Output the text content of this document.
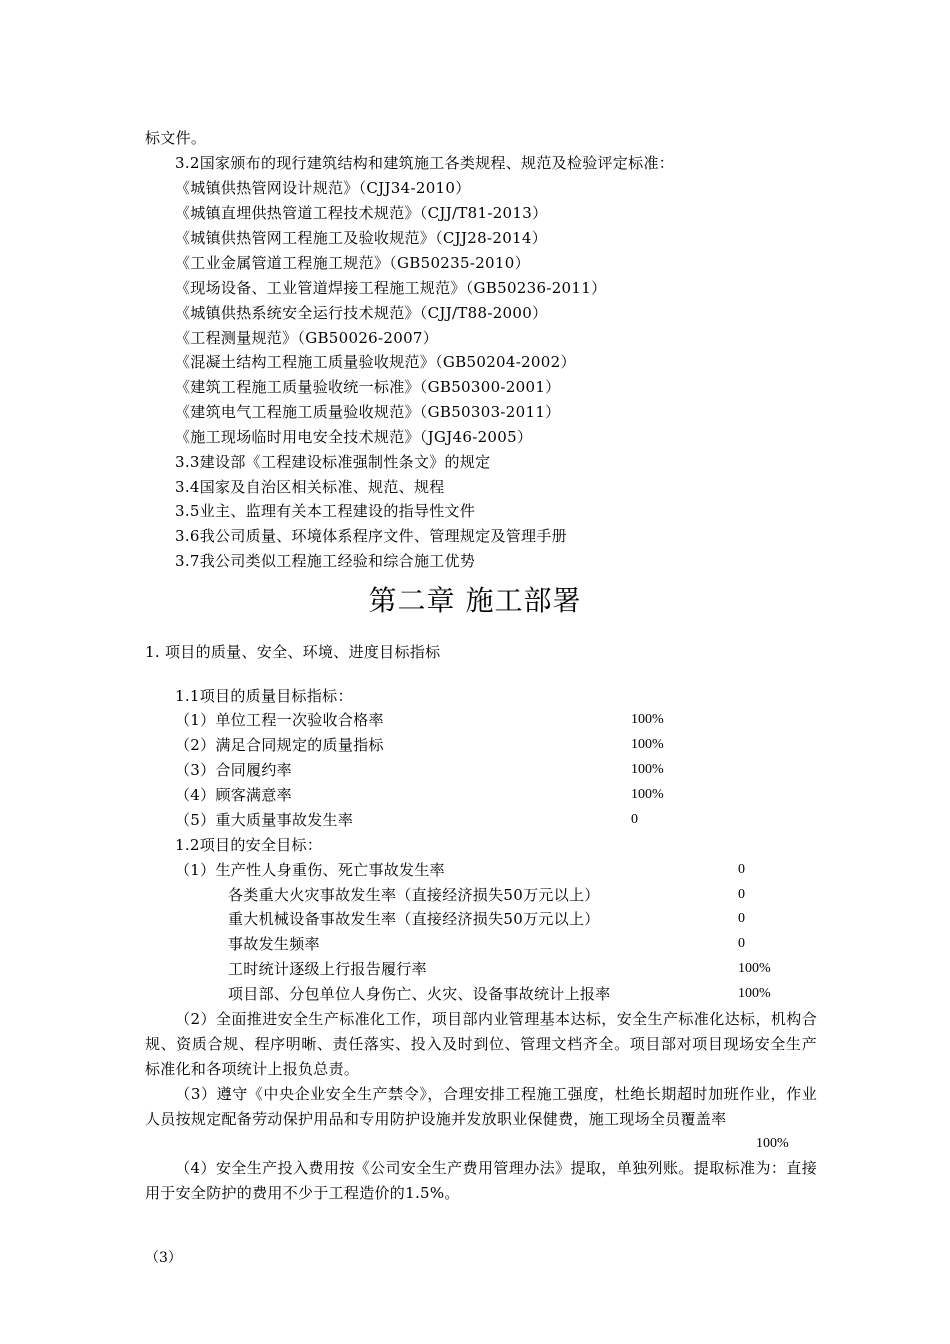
标文件。
3.2国家颁布的现行建筑结构和建筑施工各类规程、规范及检验评定标准：
《城镇供热管网设计规范》（CJJ34-2010）
《城镇直埋供热管道工程技术规范》（CJJ/T81-2013）
《城镇供热管网工程施工及验收规范》（CJJ28-2014）
《工业金属管道工程施工规范》（GB50235-2010）
《现场设备、工业管道焊接工程施工规范》（GB50236-2011）
《城镇供热系统安全运行技术规范》（CJJ/T88-2000）
《工程测量规范》（GB50026-2007）
《混凝土结构工程施工质量验收规范》（GB50204-2002）
《建筑工程施工质量验收统一标准》（GB50300-2001）
《建筑电气工程施工质量验收规范》（GB50303-2011）
《施工现场临时用电安全技术规范》（JGJ46-2005）
3.3建设部《工程建设标准强制性条文》的规定
3.4国家及自治区相关标准、规范、规程
3.5业主、监理有关本工程建设的指导性文件
3.6我公司质量、环境体系程序文件、管理规定及管理手册
3.7我公司类似工程施工经验和综合施工优势
第二章 施工部署
1. 项目的质量、安全、环境、进度目标指标
1.1项目的质量目标指标：
（1）单位工程一次验收合格率	100%
（2）满足合同规定的质量指标	100%
（3）合同履约率	100%
（4）顾客满意率	100%
（5）重大质量事故发生率	0
1.2项目的安全目标：
（1）生产性人身重伤、死亡事故发生率	0
各类重大火灾事故发生率（直接经济损失50万元以上）	0
重大机械设备事故发生率（直接经济损失50万元以上）	0
事故发生频率	0
工时统计逐级上行报告履行率	100%
项目部、分包单位人身伤亡、火灾、设备事故统计上报率	100%
（2）全面推进安全生产标准化工作，项目部内业管理基本达标，安全生产标准化达标，机构合规、资质合规、程序明晰、责任落实、投入及时到位、管理文档齐全。项目部对项目现场安全生产标准化和各项统计上报负总责。
（3）遵守《中央企业安全生产禁令》，合理安排工程施工强度，杜绝长期超时加班作业，作业人员按规定配备劳动保护用品和专用防护设施并发放职业保健费，施工现场全员覆盖率
100%
（4）安全生产投入费用按《公司安全生产费用管理办法》提取，单独列账。提取标准为：直接用于安全防护的费用不少于工程造价的1.5%。
（3）
